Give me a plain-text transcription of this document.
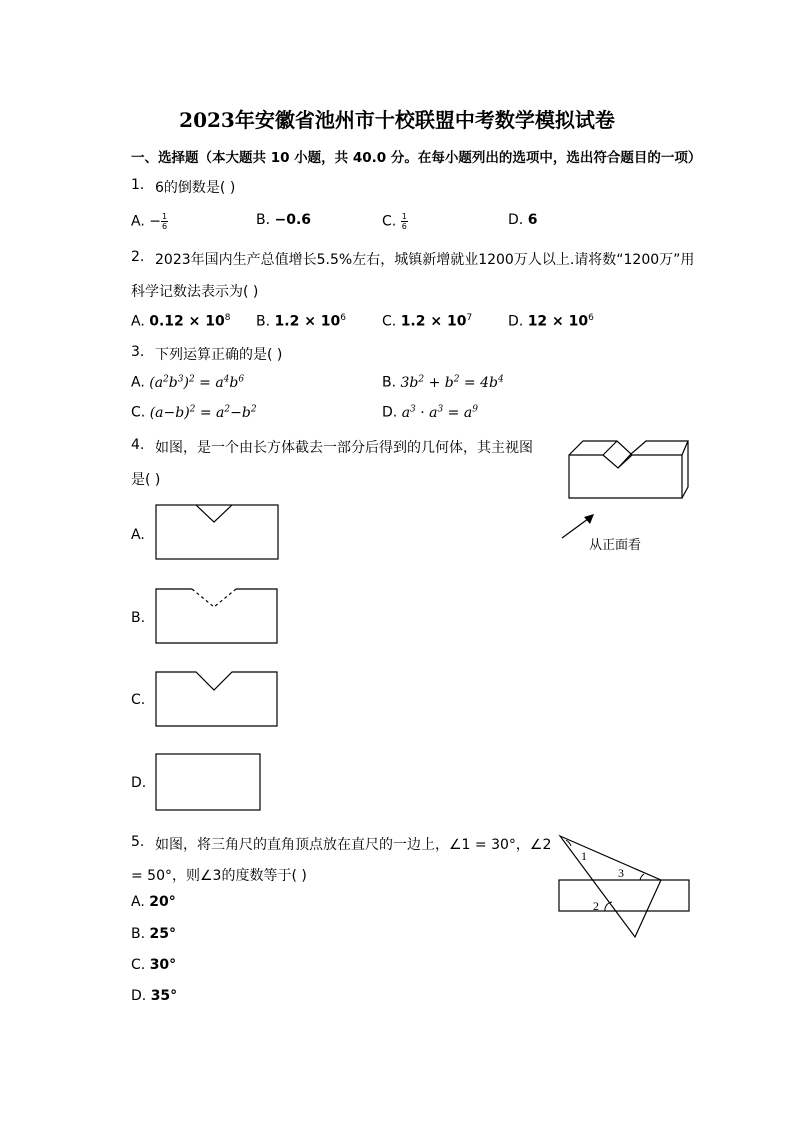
2023年安徽省池州市十校联盟中考数学模拟试卷
一、选择题（本大题共 10 小题，共 40.0 分。在每小题列出的选项中，选出符合题目的一项）
1. 6的倒数是( )
A. − $\frac{1}{6}$	B. −0.6	C. $\frac{1}{6}$	D. 6
2. 2023年国内生产总值增长5.5%左右，城镇新增就业1200万人以上.请将数“1200万”用
科学记数法表示为( )
A. $0.12 \times 10^8$ B. $1.2 \times 10^6$	C. $1.2 \times 10^7$	D. $12 \times 10^6$
3. 下列运算正确的是( )
A. $(a^2b^3)^2 = a^4b^6$	B. $3b^2 + b^2 = 4b^4$
C. $(a-b)^2 = a^2-b^2$	D. $a^3 \cdot a^3 = a^9$
4. 如图，是一个由长方体截去一部分后得到的几何体，其主视图
是( )
从正面看
A.
B.
C.
D.
5. 如图，将三角尺的直角顶点放在直尺的一边上，∠1 = 30°，∠2
= 50°，则∠3的度数等于( )
1
2
3
A. 20°
B. 25°
C. 30°
D. 35°
